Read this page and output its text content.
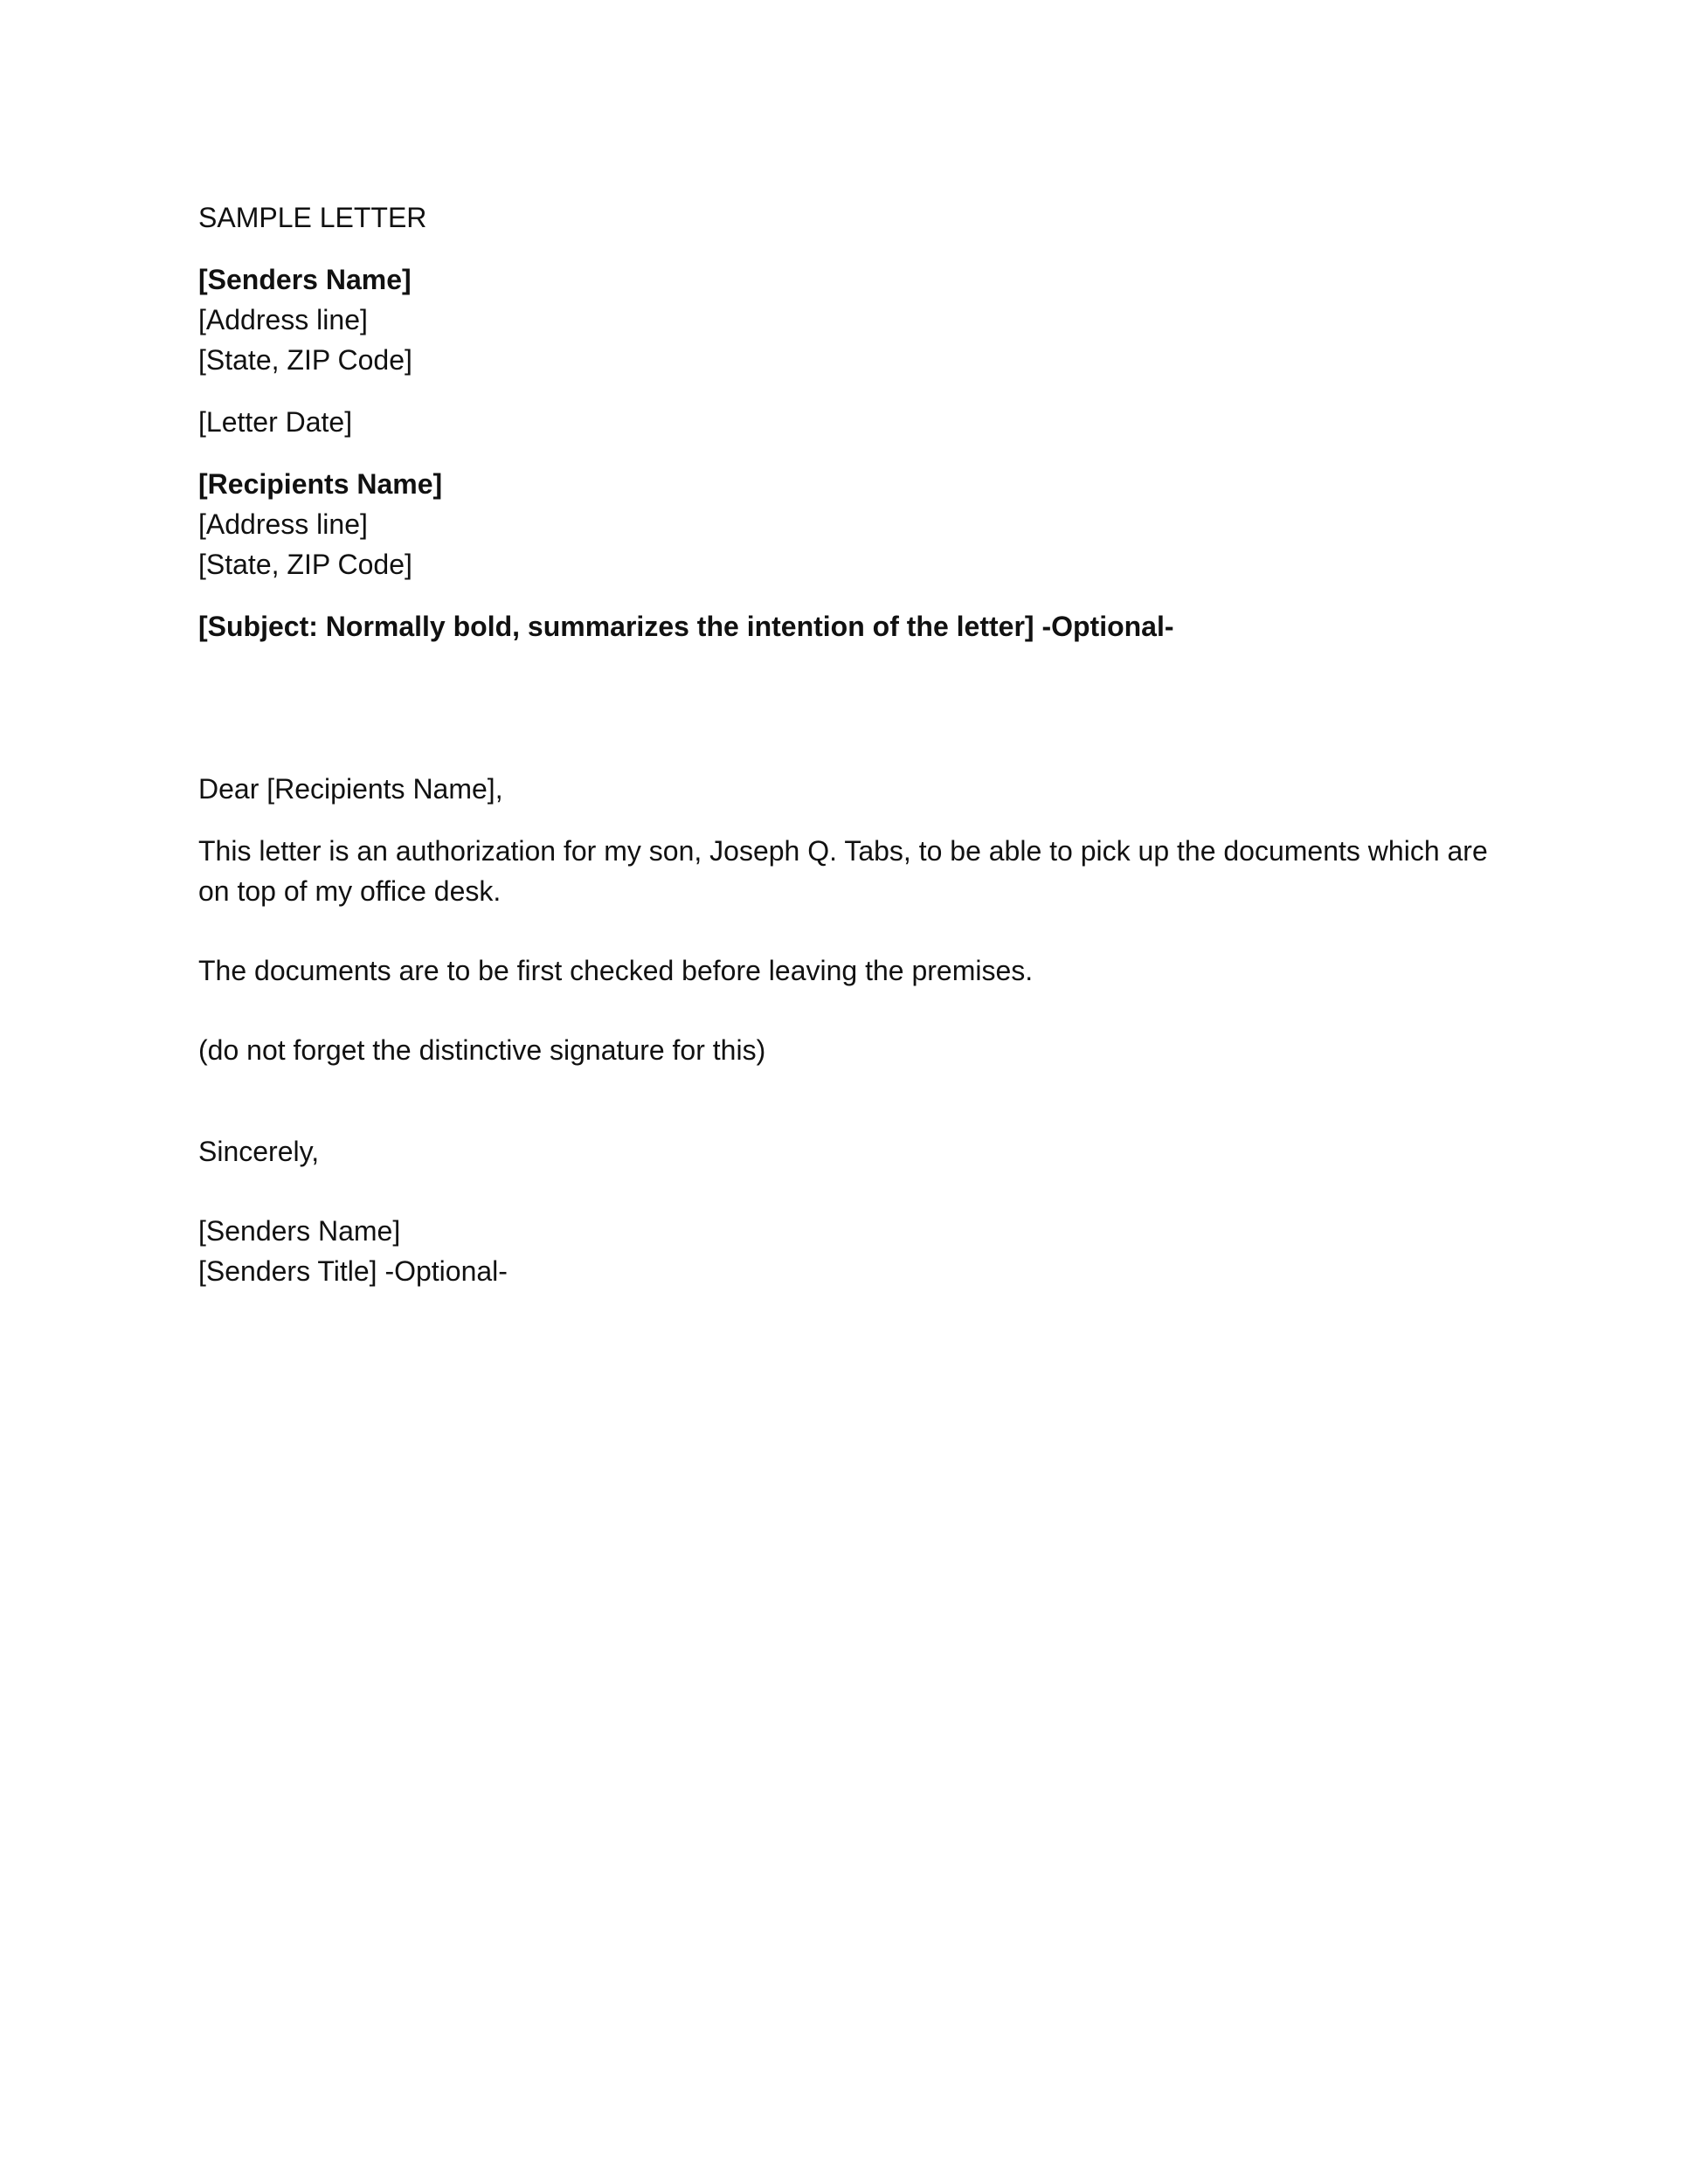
SAMPLE LETTER
[Senders Name]
[Address line]
[State, ZIP Code]
[Letter Date]
[Recipients Name]
[Address line]
[State, ZIP Code]
[Subject: Normally bold, summarizes the intention of the letter] -Optional-
Dear [Recipients Name],
This letter is an authorization for my son, Joseph Q. Tabs, to be able to pick up the documents which are on top of my office desk.
The documents are to be first checked before leaving the premises.
(do not forget the distinctive signature for this)
Sincerely,
[Senders Name]
[Senders Title] -Optional-
